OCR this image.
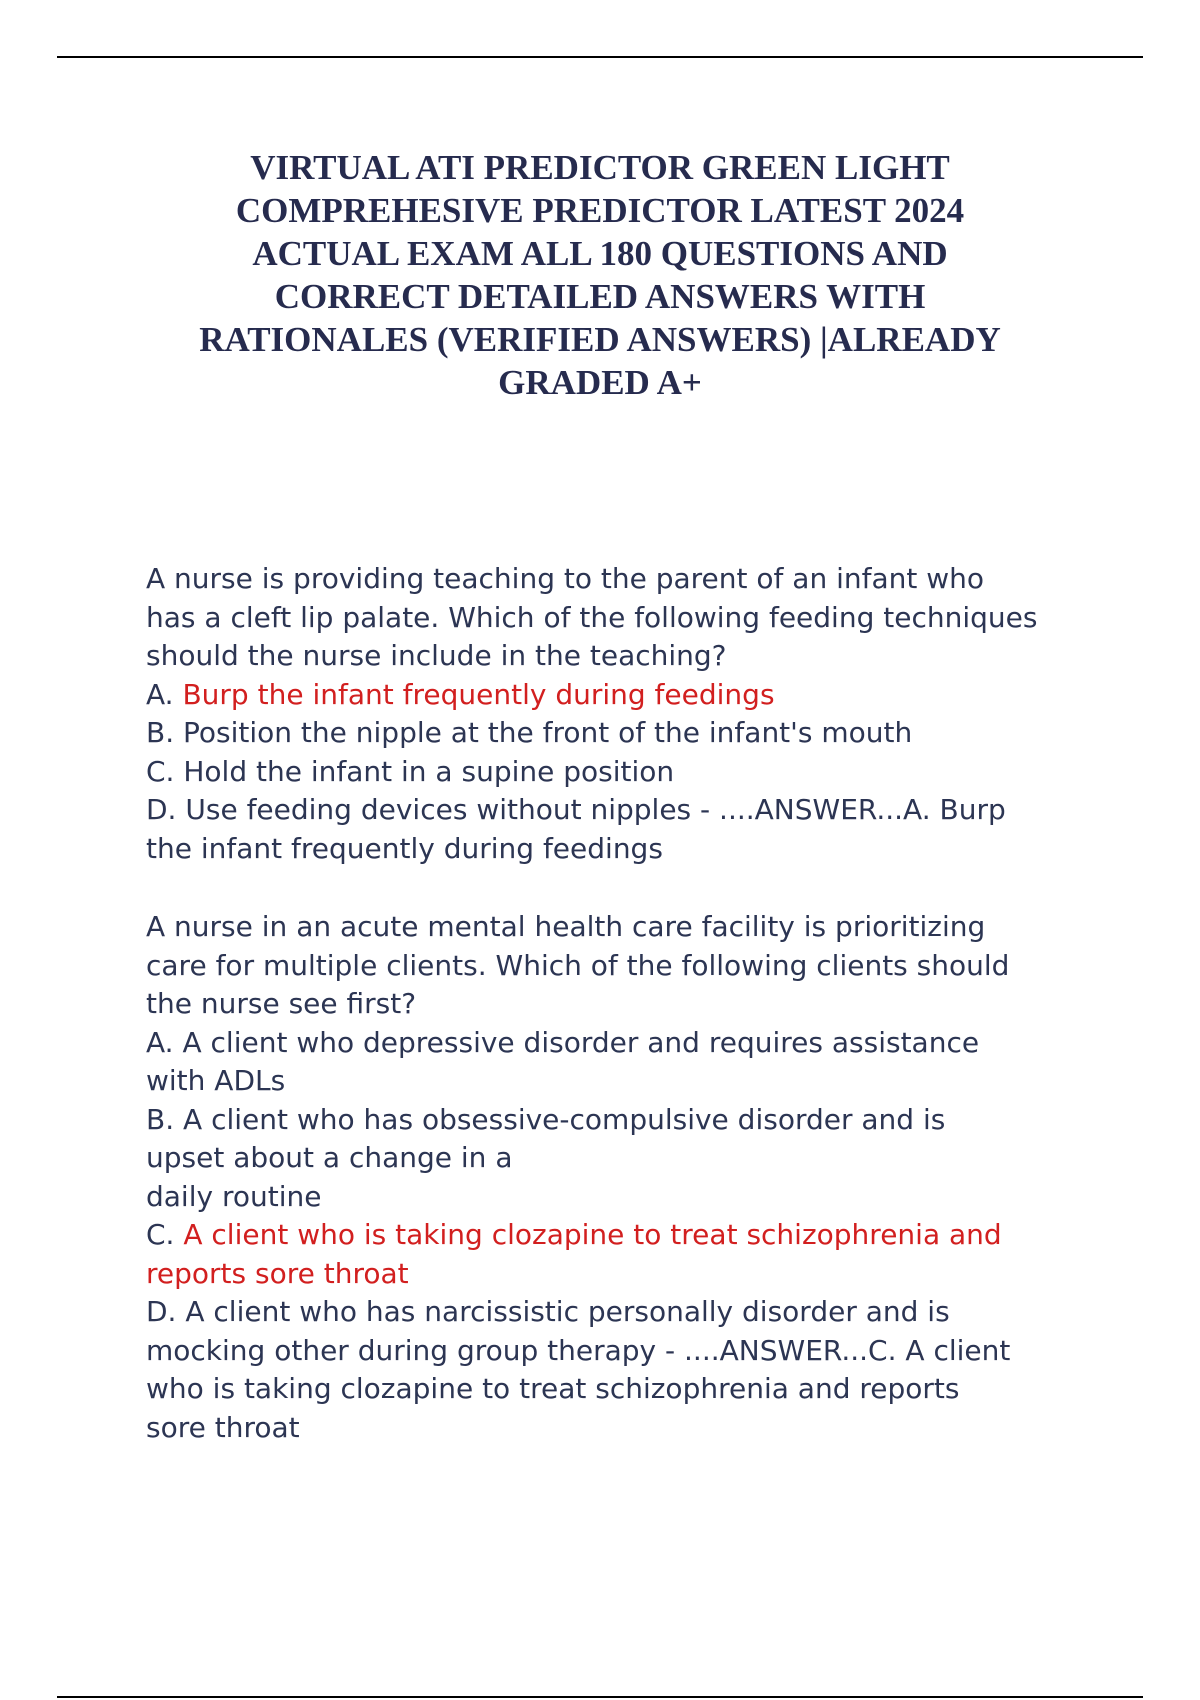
VIRTUAL ATI PREDICTOR GREEN LIGHT
COMPREHESIVE PREDICTOR LATEST 2024
ACTUAL EXAM ALL 180 QUESTIONS AND
CORRECT DETAILED ANSWERS WITH
RATIONALES (VERIFIED ANSWERS) |ALREADY
GRADED A+
A nurse is providing teaching to the parent of an infant who
has a cleft lip palate. Which of the following feeding techniques
should the nurse include in the teaching?
A. Burp the infant frequently during feedings
B. Position the nipple at the front of the infant's mouth
C. Hold the infant in a supine position
D. Use feeding devices without nipples - ....ANSWER...A. Burp
the infant frequently during feedings
A nurse in an acute mental health care facility is prioritizing
care for multiple clients. Which of the following clients should
the nurse see first?
A. A client who depressive disorder and requires assistance
with ADLs
B. A client who has obsessive-compulsive disorder and is
upset about a change in a
daily routine
C. A client who is taking clozapine to treat schizophrenia and
reports sore throat
D. A client who has narcissistic personally disorder and is
mocking other during group therapy - ....ANSWER...C. A client
who is taking clozapine to treat schizophrenia and reports
sore throat
